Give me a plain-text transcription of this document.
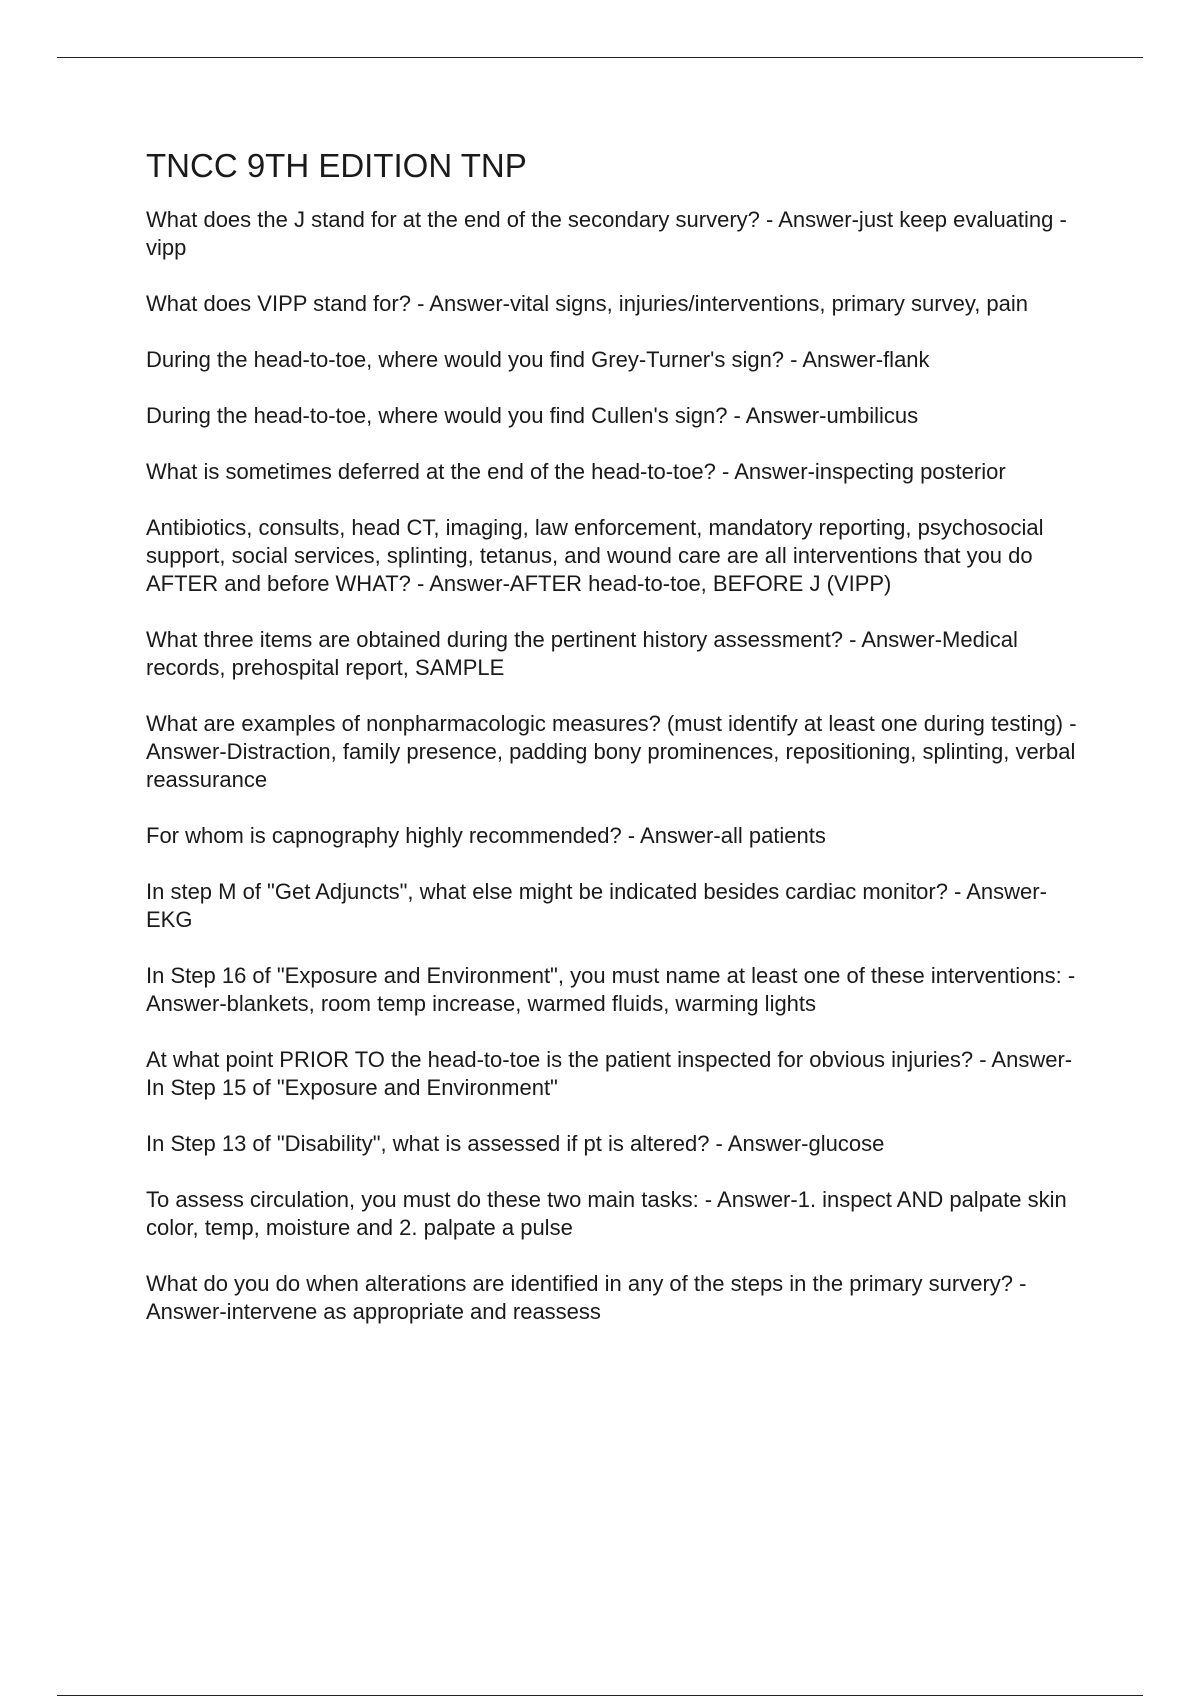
TNCC 9TH EDITION TNP
What does the J stand for at the end of the secondary survery? - Answer-just keep evaluating - vipp
What does VIPP stand for? - Answer-vital signs, injuries/interventions, primary survey, pain
During the head-to-toe, where would you find Grey-Turner's sign? - Answer-flank
During the head-to-toe, where would you find Cullen's sign? - Answer-umbilicus
What is sometimes deferred at the end of the head-to-toe? - Answer-inspecting posterior
Antibiotics, consults, head CT, imaging, law enforcement, mandatory reporting, psychosocial support, social services, splinting, tetanus, and wound care are all interventions that you do AFTER and before WHAT? - Answer-AFTER head-to-toe, BEFORE J (VIPP)
What three items are obtained during the pertinent history assessment? - Answer-Medical records, prehospital report, SAMPLE
What are examples of nonpharmacologic measures? (must identify at least one during testing) - Answer-Distraction, family presence, padding bony prominences, repositioning, splinting, verbal reassurance
For whom is capnography highly recommended? - Answer-all patients
In step M of "Get Adjuncts", what else might be indicated besides cardiac monitor? - Answer-EKG
In Step 16 of "Exposure and Environment", you must name at least one of these interventions: - Answer-blankets, room temp increase, warmed fluids, warming lights
At what point PRIOR TO the head-to-toe is the patient inspected for obvious injuries? - Answer-In Step 15 of "Exposure and Environment"
In Step 13 of "Disability", what is assessed if pt is altered? - Answer-glucose
To assess circulation, you must do these two main tasks: - Answer-1. inspect AND palpate skin color, temp, moisture and 2. palpate a pulse
What do you do when alterations are identified in any of the steps in the primary survery? - Answer-intervene as appropriate and reassess
